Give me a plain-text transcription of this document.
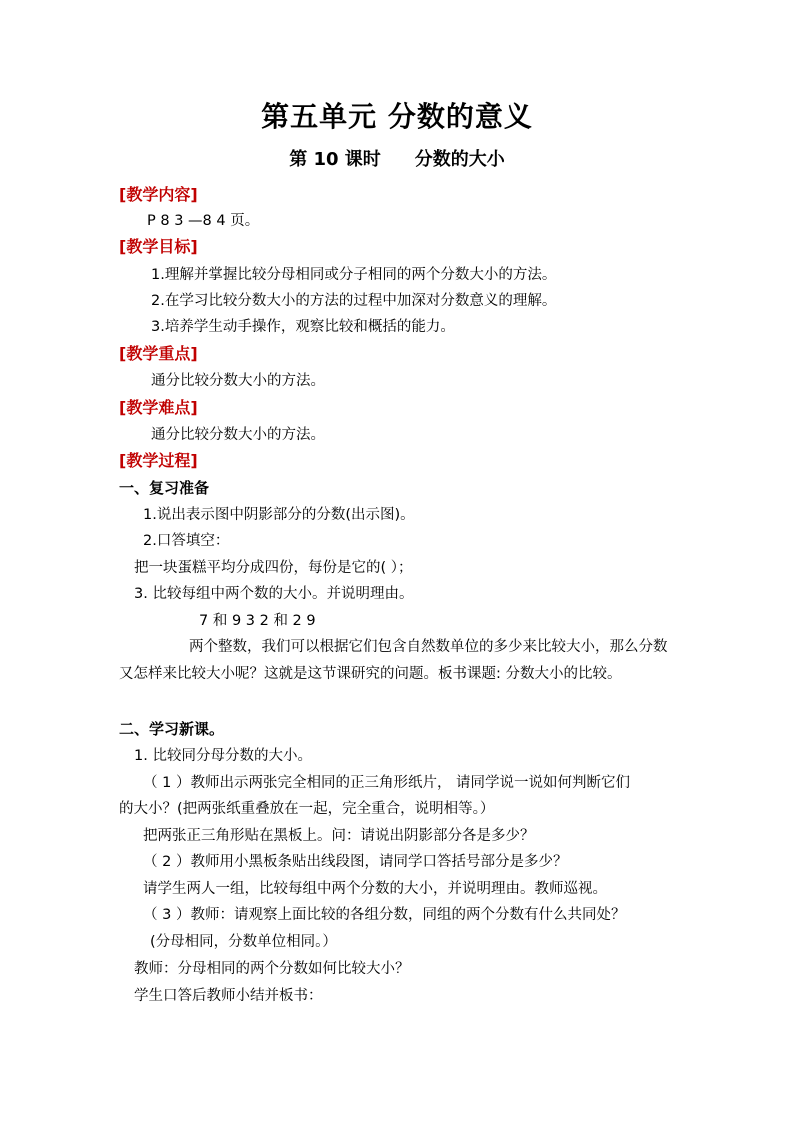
第五单元 分数的意义
第 10 课时 分数的大小
[教学内容]
P 8 3 —8 4 页。
[教学目标]
1.理解并掌握比较分母相同或分子相同的两个分数大小的方法。
2.在学习比较分数大小的方法的过程中加深对分数意义的理解。
3.培养学生动手操作，观察比较和概括的能力。
[教学重点]
通分比较分数大小的方法。
[教学难点]
通分比较分数大小的方法。
[教学过程]
一、复习准备
1.说出表示图中阴影部分的分数(出示图)。
2.口答填空：
把一块蛋糕平均分成四份，每份是它的( ）；
3. 比较每组中两个数的大小。并说明理由。
7 和 9 3 2 和 2 9
两个整数，我们可以根据它们包含自然数单位的多少来比较大小，那么分数又怎样来比较大小呢？这就是这节课研究的问题。板书课题: 分数大小的比较。
二、学习新课。
1. 比较同分母分数的大小。
（ 1 ）教师出示两张完全相同的正三角形纸片， 请同学说一说如何判断它们
的大小？(把两张纸重叠放在一起，完全重合，说明相等。）
把两张正三角形贴在黑板上。问：请说出阴影部分各是多少？
（ 2 ）教师用小黑板条贴出线段图，请同学口答括号部分是多少？
请学生两人一组，比较每组中两个分数的大小，并说明理由。教师巡视。
（ 3 ）教师：请观察上面比较的各组分数，同组的两个分数有什么共同处？
(分母相同，分数单位相同。）
教师：分母相同的两个分数如何比较大小？
学生口答后教师小结并板书：
